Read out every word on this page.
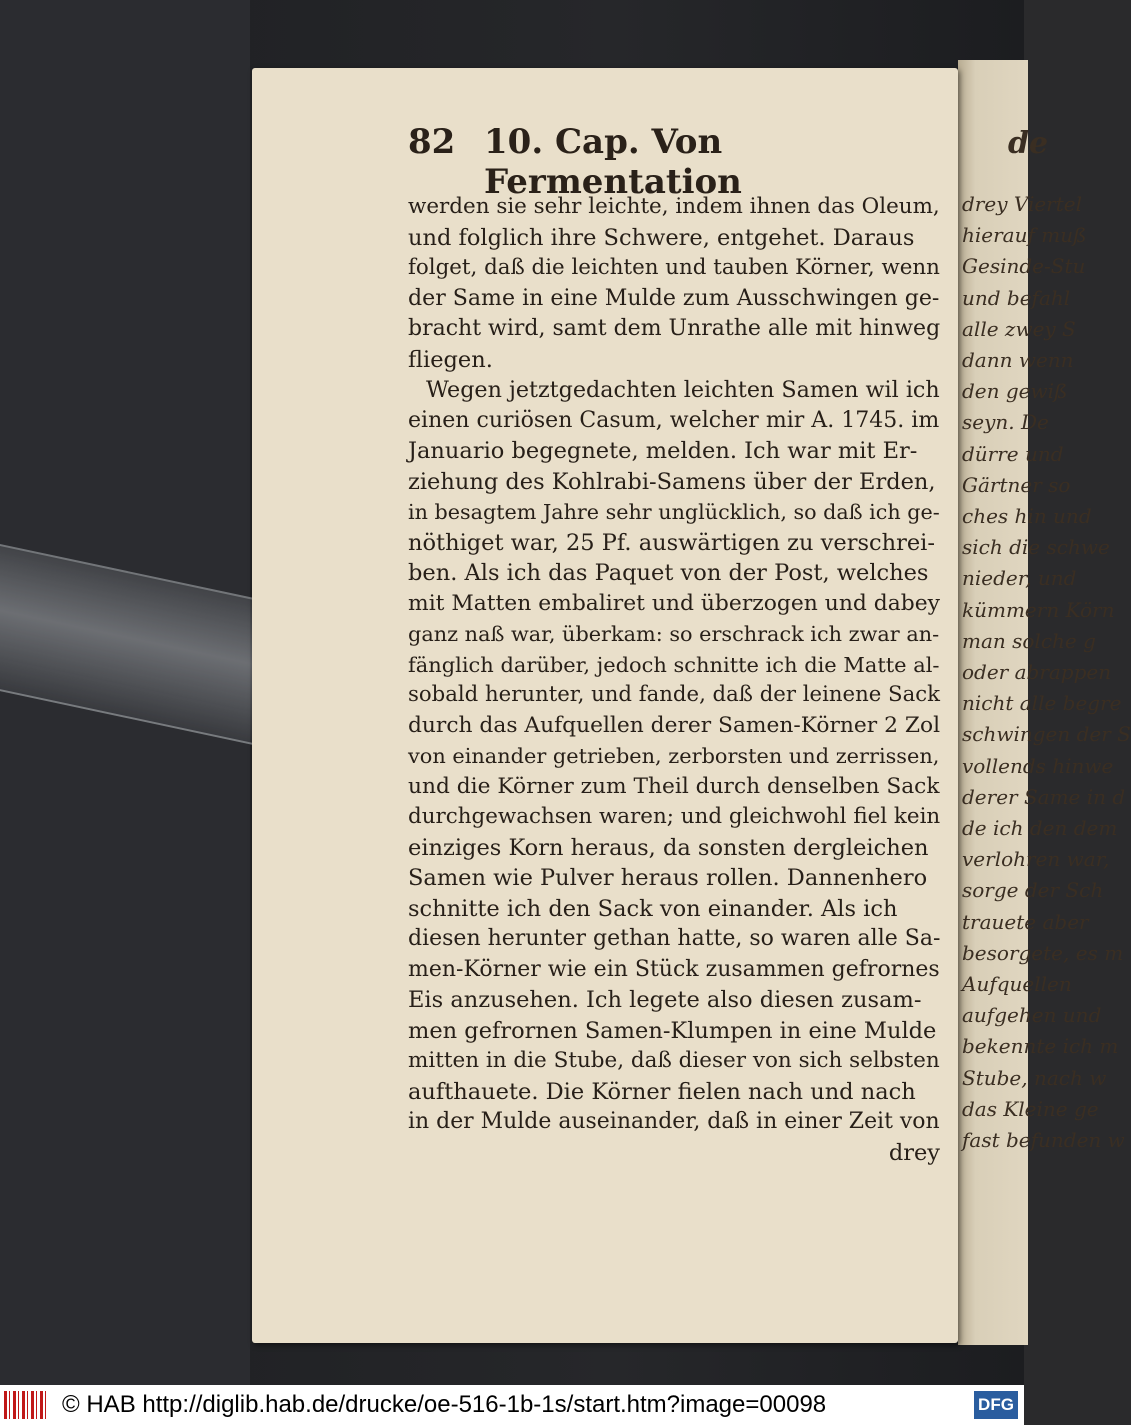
de
drey Viertel
hierauf muß
Gesinde-Stu
und befahl
alle zwey S
dann wenn
den gewiß
seyn. De
dürre und
Gärtner so
ches hin und
sich die schwe
nieder, und
kümmern Körn
man solche g
oder abrappen
nicht alle begre
schwingen der S
vollends hinwe
derer Same in d
de ich den dem
verlohren war,
sorge der Sch
trauete aber
besorgete, es m
Aufquellen
aufgehen und
bekennte ich m
Stube, nach w
das Kleine ge
fast befunden w
82 10. Cap. Von Fermentation
werden sie sehr leichte, indem ihnen das Oleum,
und folglich ihre Schwere, entgehet. Daraus
folget, daß die leichten und tauben Körner, wenn
der Same in eine Mulde zum Ausschwingen ge-
bracht wird, samt dem Unrathe alle mit hinweg
fliegen.
Wegen jetztgedachten leichten Samen wil ich
einen curiösen Casum, welcher mir A. 1745. im
Januario begegnete, melden. Ich war mit Er-
ziehung des Kohlrabi-Samens über der Erden,
in besagtem Jahre sehr unglücklich, so daß ich ge-
nöthiget war, 25 Pf. auswärtigen zu verschrei-
ben. Als ich das Paquet von der Post, welches
mit Matten embaliret und überzogen und dabey
ganz naß war, überkam: so erschrack ich zwar an-
fänglich darüber, jedoch schnitte ich die Matte al-
sobald herunter, und fande, daß der leinene Sack
durch das Aufquellen derer Samen-Körner 2 Zol
von einander getrieben, zerborsten und zerrissen,
und die Körner zum Theil durch denselben Sack
durchgewachsen waren; und gleichwohl fiel kein
einziges Korn heraus, da sonsten dergleichen
Samen wie Pulver heraus rollen. Dannenhero
schnitte ich den Sack von einander. Als ich
diesen herunter gethan hatte, so waren alle Sa-
men-Körner wie ein Stück zusammen gefrornes
Eis anzusehen. Ich legete also diesen zusam-
men gefrornen Samen-Klumpen in eine Mulde
mitten in die Stube, daß dieser von sich selbsten
aufthauete. Die Körner fielen nach und nach
in der Mulde auseinander, daß in einer Zeit von
drey
© HAB http://diglib.hab.de/drucke/oe-516-1b-1s/start.htm?image=00098	DFG
